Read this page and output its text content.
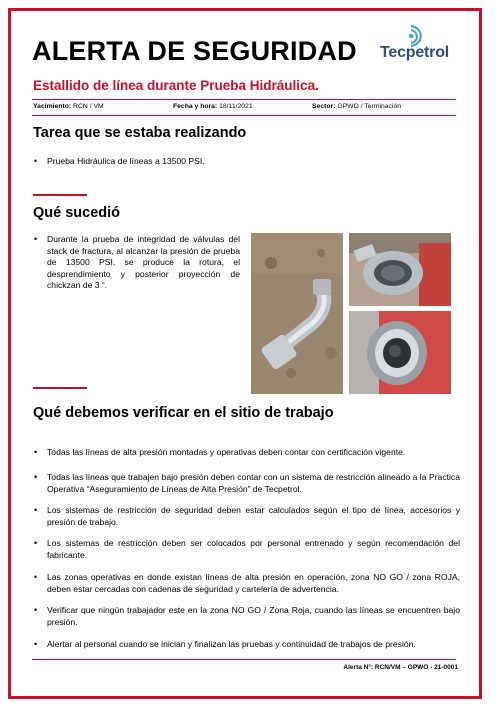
ALERTA DE SEGURIDAD Tecpetrol
Estallido de línea durante Prueba Hidráulica.
Yacimiento: RCN / VM	Fecha y hora: 18/11/2021	Sector: GPWO / Terminación
Tarea que se estaba realizando
• Prueba Hidráulica de líneas a 13500 PSI.
Qué sucedió
• Durante la prueba de integridad de válvulas del stack de fractura, al alcanzar la presión de prueba de 13500 PSI, se produce la rotura, el desprendimiento y posterior proyección de chickzan de 3 “.
Qué debemos verificar en el sitio de trabajo
• Todas las líneas de alta presión montadas y operativas deben contar con certificación vigente.
• Todas las líneas que trabajen bajo presión deben contar con un sistema de restricción alineado a la Practica Operativa “Aseguramiento de Líneas de Alta Presión” de Tecpetrol.
• Los sistemas de restricción de seguridad deben estar calculados según el tipo de línea, accesorios y presión de trabajo.
• Los sistemas de restricción deben ser colocados por personal entrenado y según recomendación del fabricante.
• Las zonas operativas en donde existan líneas de alta presión en operación, zona NO GO / zona ROJA, deben estar cercadas con cadenas de seguridad y cartelería de advertencia.
• Verificar que ningún trabajador este en la zona NO GO / Zona Roja, cuando las líneas se encuentren bajo presión.
• Alertar al personal cuando se inician y finalizan las pruebas y continuidad de trabajos de presión.
Alerta N°: RCN/VM – GPWO - 21-0001
